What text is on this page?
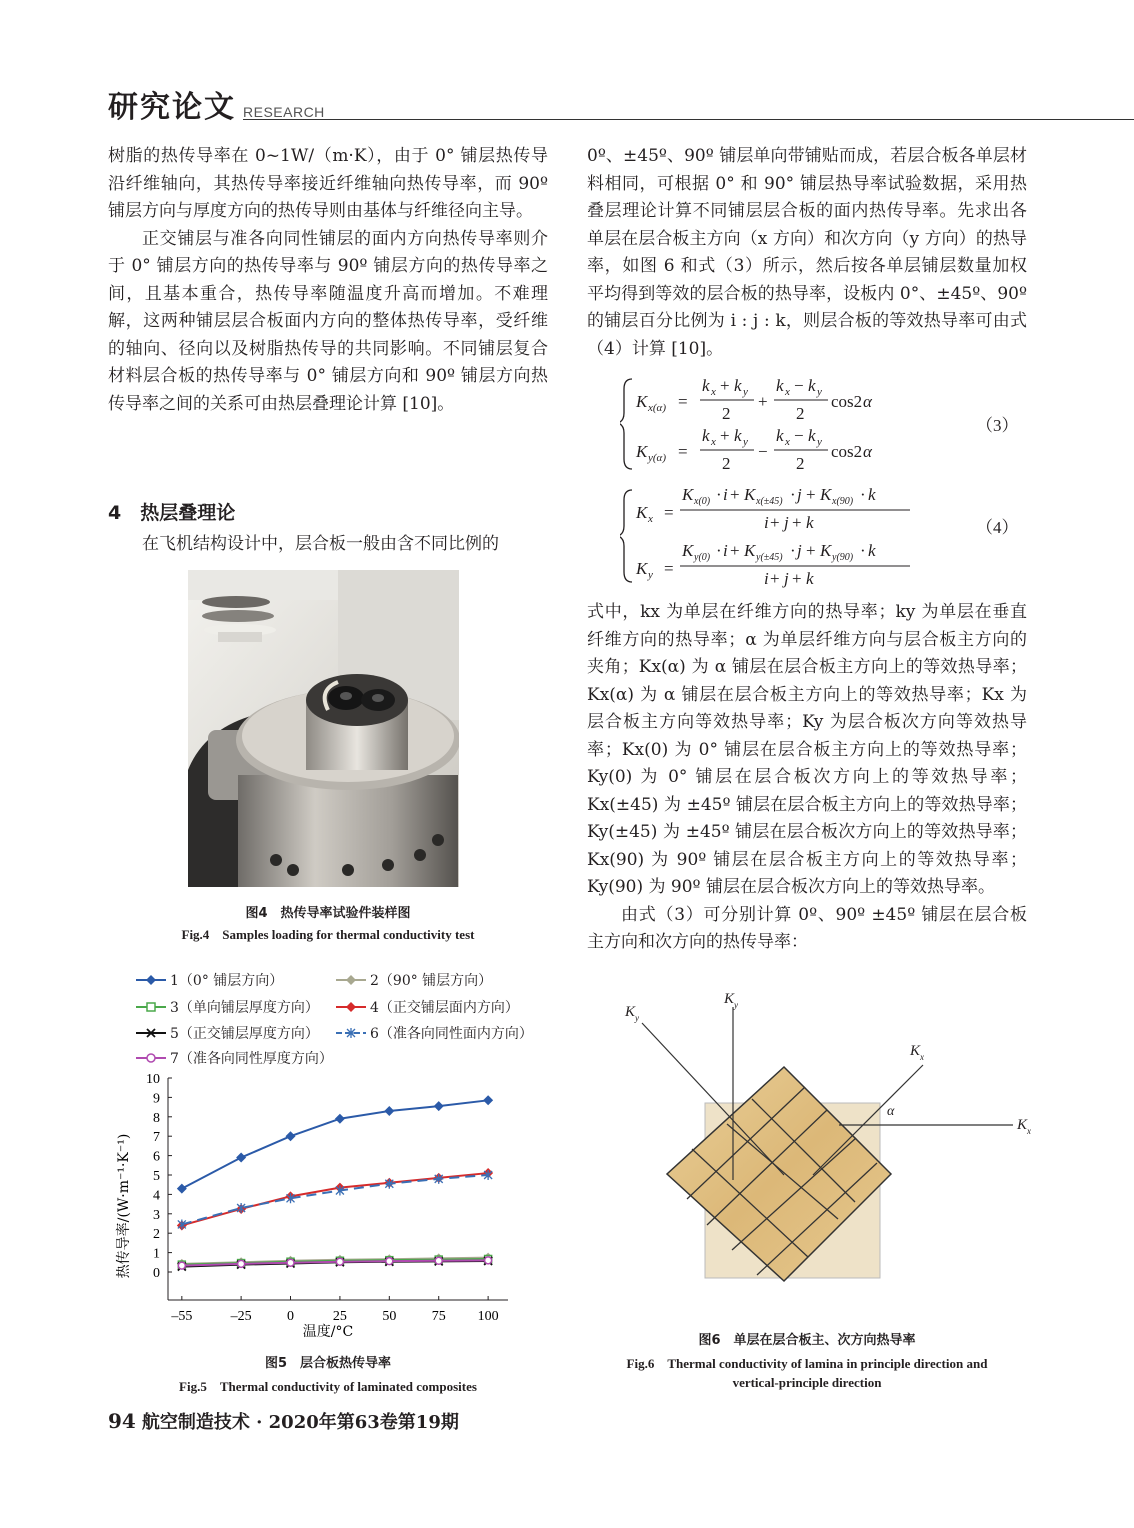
研究论文 RESEARCH

树脂的热传导率在 0~1W/（m·K），由于 0° 铺层热传导沿纤维轴向，其热传导率接近纤维轴向热传导率，而 90º 铺层方向与厚度方向的热传导则由基体与纤维径向主导。

正交铺层与准各向同性铺层的面内方向热传导率则介于 0° 铺层方向的热传导率与 90º 铺层方向的热传导率之间，且基本重合，热传导率随温度升高而增加。不难理解，这两种铺层层合板面内方向的整体热传导率，受纤维的轴向、径向以及树脂热传导的共同影响。不同铺层复合材料层合板的热传导率与 0° 铺层方向和 90º 铺层方向热传导率之间的关系可由热层叠理论计算 [10]。

4　热层叠理论

在飞机结构设计中，层合板一般由含不同比例的

图4　热传导率试验件装样图
Fig.4　Samples loading for thermal conductivity test
1（0° 铺层方向）	2（90° 铺层方向）
3（单向铺层厚度方向）	4（正交铺层面内方向）
5（正交铺层厚度方向）	6（准各向同性面内方向）
7（准各向同性厚度方向）
0
1
2
3
4
5
6
7
8
9
10
–55	–25	0	25	50	75 100
热传导率/(W·m⁻¹·K⁻¹)
温度/°C
图5　层合板热传导率
Fig.5　Thermal conductivity of laminated composites

0º、±45º、90º 铺层单向带铺贴而成，若层合板各单层材料相同，可根据 0° 和 90° 铺层热导率试验数据，采用热叠层理论计算不同铺层层合板的面内热传导率。先求出各单层在层合板主方向（x 方向）和次方向（y 方向）的热导率，如图 6 和式（3）所示，然后按各单层铺层数量加权平均得到等效的层合板的热导率，设板内 0°、±45º、90º 的铺层百分比例为 i : j : k，则层合板的等效热导率可由式（4）计算 [10]。

K x(α) =
k x + k y
2
+
k x − k y
2
cos2 α
K y(α) =
k x + k y
2
−
k x − k y
2
cos2 α
（3）
K x =
K x(0) · i + K x(±45) · j + K x(90) · k
i + j + k
K y =
K y(0) · i + K y(±45) · j + K y(90) · k
i + j + k
（4）

式中，kx 为单层在纤维方向的热导率；ky 为单层在垂直纤维方向的热导率；α 为单层纤维方向与层合板主方向的夹角；Kx(α) 为 α 铺层在层合板主方向上的等效热导率；Kx(α) 为 α 铺层在层合板主方向上的等效热导率；Kx 为层合板主方向等效热导率；Ky 为层合板次方向等效热导率；Kx(0) 为 0° 铺层在层合板主方向上的等效热导率；Ky(0) 为 0° 铺层在层合板次方向上的等效热导率；Kx(±45) 为 ±45º 铺层在层合板主方向上的等效热导率；Ky(±45) 为 ±45º 铺层在层合板次方向上的等效热导率；Kx(90) 为 90º 铺层在层合板主方向上的等效热导率；Ky(90) 为 90º 铺层在层合板次方向上的等效热导率。

由式（3）可分别计算 0º、90º ±45º 铺层在层合板主方向和次方向的热传导率：

K y
K y
K x
K x
α
图6　单层在层合板主、次方向热导率
Fig.6　Thermal conductivity of lamina in principle direction and
vertical-principle direction
94 航空制造技术 · 2020年第63卷第19期
